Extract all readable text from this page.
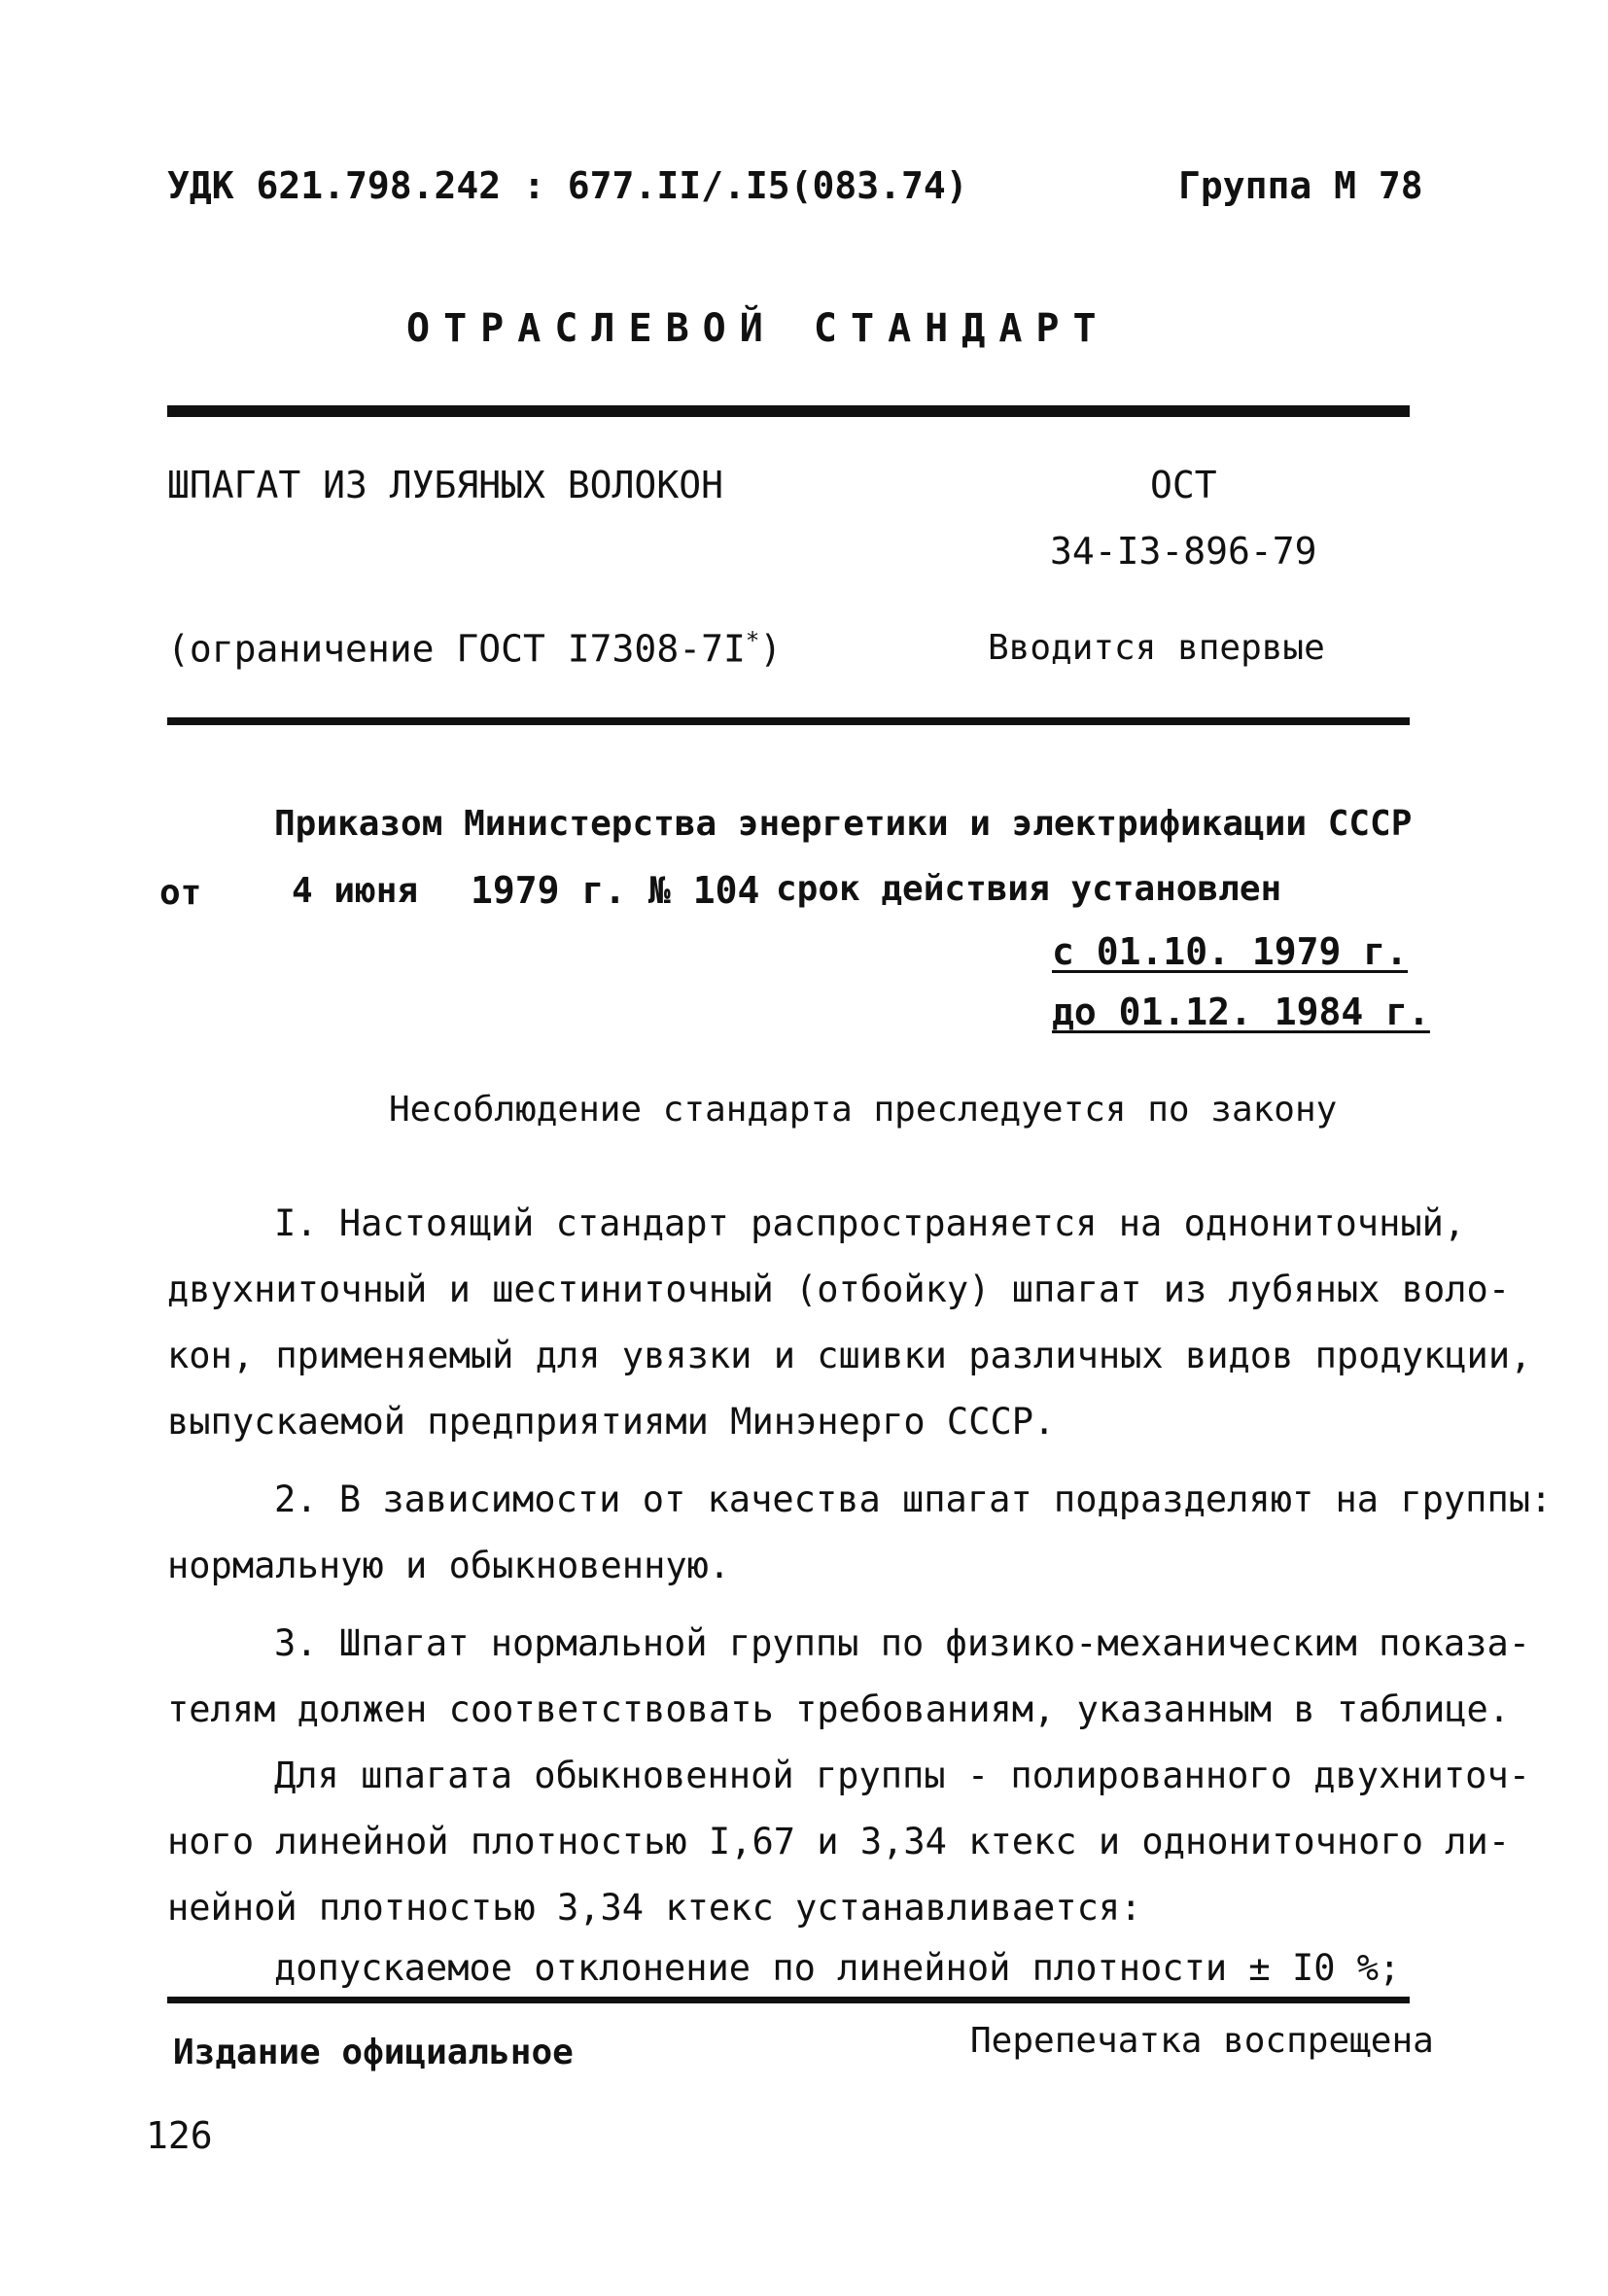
УДК 621.798.242 : 677.II/.I5(083.74)	Группа М 78
ОТРАСЛЕВОЙ СТАНДАРТ
ШПАГАТ ИЗ ЛУБЯНЫХ ВОЛОКОН	ОСТ
34-I3-896-79
(ограничение ГОСТ I7308-7I*)	Вводится впервые
Приказом Министерства энергетики и электрификации СССР
от	4 июня 1979 г. № 104 срок действия установлен
с 01.10. 1979 г.
до 01.12. 1984 г.
Несоблюдение стандарта преследуется по закону
I. Настоящий стандарт распространяется на однониточный,
двухниточный и шестиниточный (отбойку) шпагат из лубяных воло-
кон, применяемый для увязки и сшивки различных видов продукции,
выпускаемой предприятиями Минэнерго СССР.
2. В зависимости от качества шпагат подразделяют на группы:
нормальную и обыкновенную.
3. Шпагат нормальной группы по физико-механическим показа-
телям должен соответствовать требованиям, указанным в таблице.
Для шпагата обыкновенной группы - полированного двухниточ-
ного линейной плотностью I,67 и 3,34 ктекс и однониточного ли-
нейной плотностью 3,34 ктекс устанавливается:
допускаемое отклонение по линейной плотности ± I0 %;
Издание официальное	Перепечатка воспрещена
126
